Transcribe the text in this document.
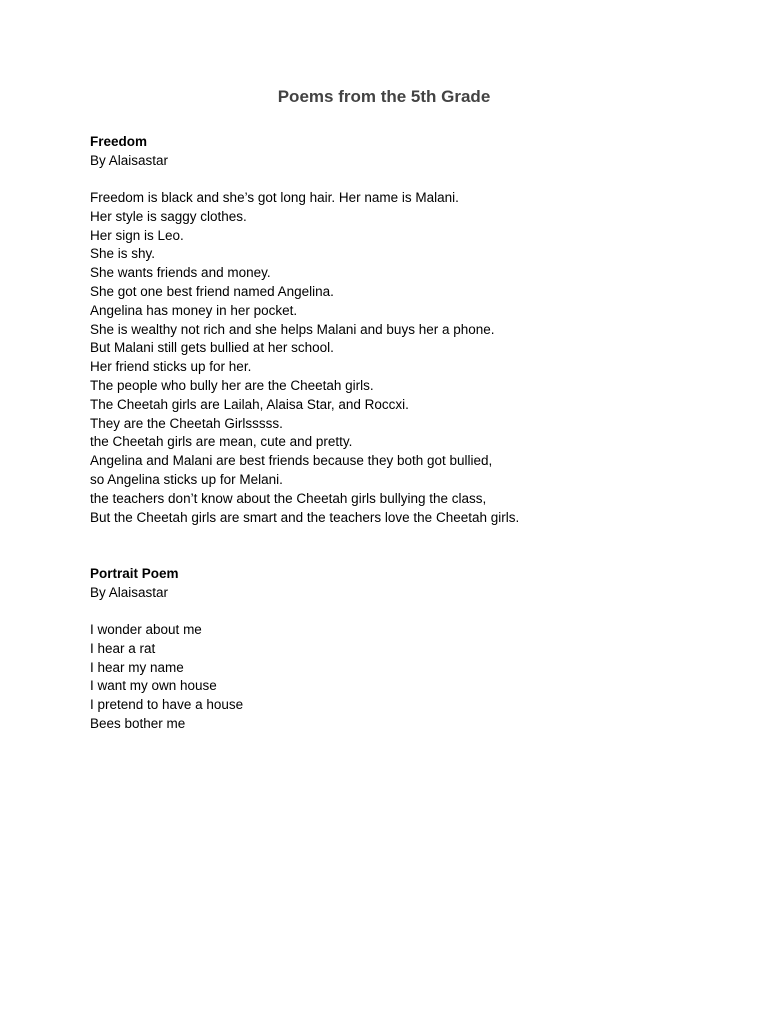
Poems from the 5th Grade

Freedom

By Alaisastar

Freedom is black and she’s got long hair. Her name is Malani.
Her style is saggy clothes.
Her sign is Leo.
She is shy.
She wants friends and money.
She got one best friend named Angelina.
Angelina has money in her pocket.
She is wealthy not rich and she helps Malani and buys her a phone.
But Malani still gets bullied at her school.
Her friend sticks up for her.
The people who bully her are the Cheetah girls.
The Cheetah girls are Lailah, Alaisa Star, and Roccxi.
They are the Cheetah Girlsssss.
the Cheetah girls are mean, cute and pretty.
Angelina and Malani are best friends because they both got bullied,
so Angelina sticks up for Melani.
the teachers don’t know about the Cheetah girls bullying the class,
But the Cheetah girls are smart and the teachers love the Cheetah girls.

Portrait Poem

By Alaisastar

I wonder about me
I hear a rat
I hear my name
I want my own house
I pretend to have a house
Bees bother me
